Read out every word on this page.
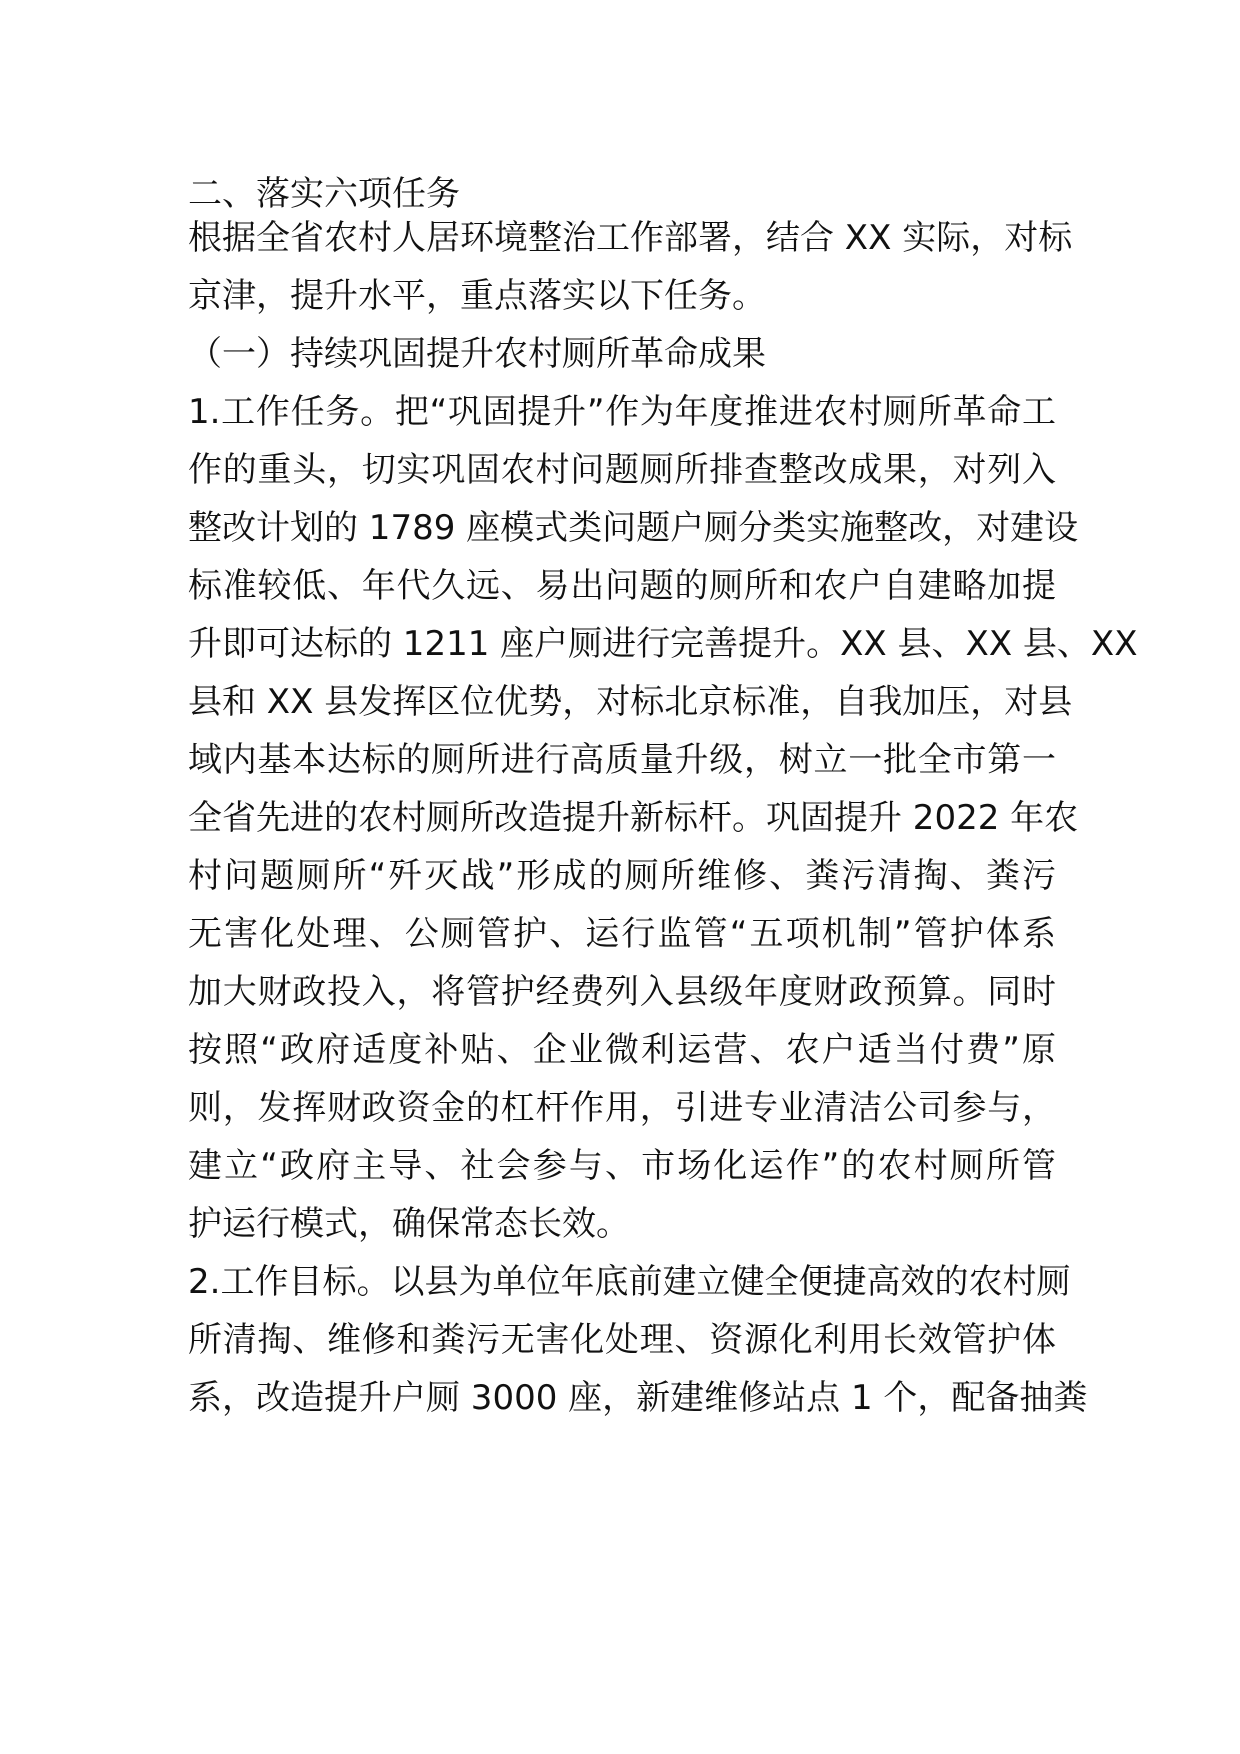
二、落实六项任务
根据全省农村人居环境整治工作部署，结合 XX 实际，对标
京津，提升水平，重点落实以下任务。
（一）持续巩固提升农村厕所革命成果
1.工作任务。把“巩固提升”作为年度推进农村厕所革命工
作的重头，切实巩固农村问题厕所排查整改成果，对列入
整改计划的 1789 座模式类问题户厕分类实施整改，对建设
标准较低、年代久远、易出问题的厕所和农户自建略加提
升即可达标的 1211 座户厕进行完善提升。XX 县、XX 县、XX
县和 XX 县发挥区位优势，对标北京标准，自我加压，对县
域内基本达标的厕所进行高质量升级，树立一批全市第一
全省先进的农村厕所改造提升新标杆。巩固提升 2022 年农
村问题厕所“歼灭战”形成的厕所维修、粪污清掏、粪污
无害化处理、公厕管护、运行监管“五项机制”管护体系
加大财政投入，将管护经费列入县级年度财政预算。同时
按照“政府适度补贴、企业微利运营、农户适当付费”原
则，发挥财政资金的杠杆作用，引进专业清洁公司参与，
建立“政府主导、社会参与、市场化运作”的农村厕所管
护运行模式，确保常态长效。
2.工作目标。以县为单位年底前建立健全便捷高效的农村厕
所清掏、维修和粪污无害化处理、资源化利用长效管护体
系，改造提升户厕 3000 座，新建维修站点 1 个，配备抽粪
